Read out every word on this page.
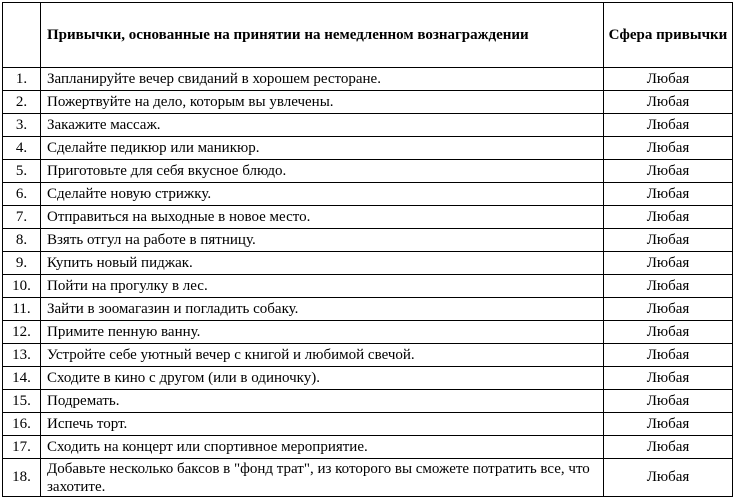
	Привычки, основанные на принятии на немедленном вознаграждении	Сфера привычки
1.	Запланируйте вечер свиданий в хорошем ресторане.	Любая
2.	Пожертвуйте на дело, которым вы увлечены.	Любая
3.	Закажите массаж.	Любая
4.	Сделайте педикюр или маникюр.	Любая
5.	Приготовьте для себя вкусное блюдо.	Любая
6.	Сделайте новую стрижку.	Любая
7.	Отправиться на выходные в новое место.	Любая
8.	Взять отгул на работе в пятницу.	Любая
9.	Купить новый пиджак.	Любая
10.	Пойти на прогулку в лес.	Любая
11.	Зайти в зоомагазин и погладить собаку.	Любая
12.	Примите пенную ванну.	Любая
13.	Устройте себе уютный вечер с книгой и любимой свечой.	Любая
14.	Сходите в кино с другом (или в одиночку).	Любая
15.	Подремать.	Любая
16.	Испечь торт.	Любая
17.	Сходить на концерт или спортивное мероприятие.	Любая
18.	Добавьте несколько баксов в "фонд трат", из которого вы сможете потратить все, что захотите.	Любая
